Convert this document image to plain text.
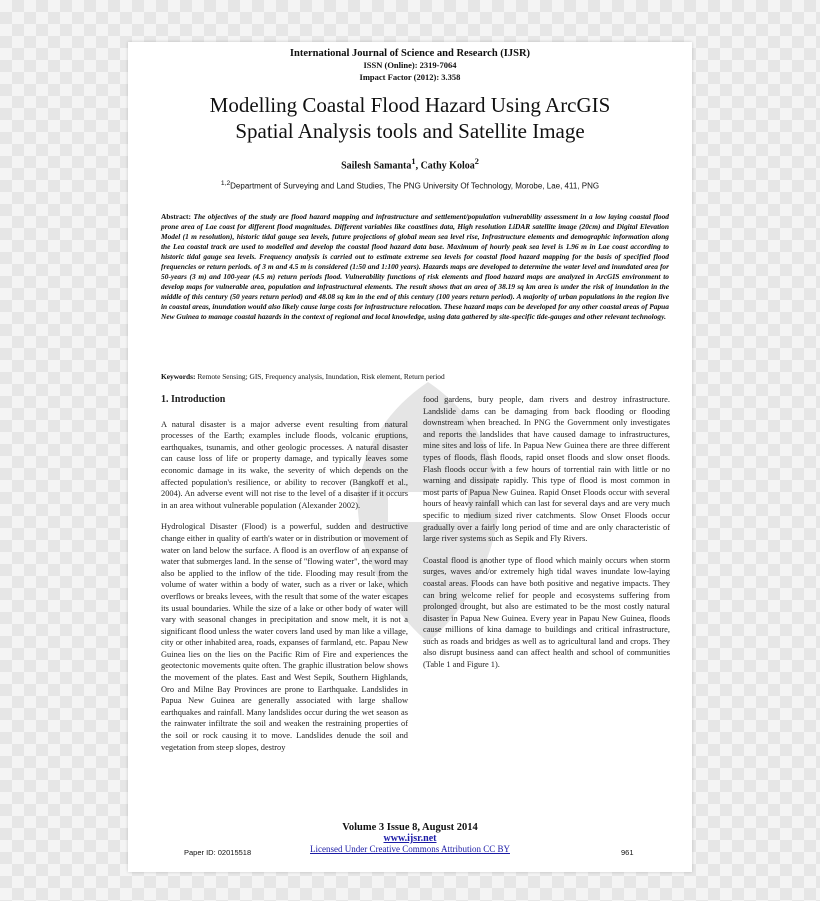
International Journal of Science and Research (IJSR)
ISSN (Online): 2319-7064
Impact Factor (2012): 3.358
Modelling Coastal Flood Hazard Using ArcGIS
Spatial Analysis tools and Satellite Image
Sailesh Samanta$^1$, Cathy Koloa$^2$
$^{1,2}$Department of Surveying and Land Studies, The PNG University Of Technology, Morobe, Lae, 411, PNG
Abstract: The objectives of the study are flood hazard mapping and infrastructure and settlement/population vulnerability assessment in a low laying coastal flood prone area of Lae coast for different flood magnitudes. Different variables like coastlines data, High resolution LiDAR satellite image (20cm) and Digital Elevation Model (1 m resolution), historic tidal gauge sea levels, future projections of global mean sea level rise, Infrastructure elements and demographic information along the Lea coastal track are used to modelled and develop the coastal flood hazard data base. Maximum of hourly peak sea level is 1.96 m in Lae coast according to historic tidal gauge sea levels. Frequency analysis is carried out to estimate extreme sea levels for coastal flood hazard mapping for the basis of specified flood frequencies or return periods. of 3 m and 4.5 m is considered (1:50 and 1:100 years). Hazards maps are developed to determine the water level and inundated area for 50-years (3 m) and 100-year (4.5 m) return periods flood. Vulnerability functions of risk elements and flood hazard maps are analyzed in ArcGIS environment to develop maps for vulnerable area, population and infrastructural elements. The result shows that an area of 38.19 sq km area is under the risk of inundation in the middle of this century (50 years return period) and 48.08 sq km in the end of this century (100 years return period). A majority of urban populations in the region live in coastal areas, inundation would also likely cause large costs for infrastructure relocation. These hazard maps can be developed for any other coastal areas of Papua New Guinea to manage coastal hazards in the context of regional and local knowledge, using data gathered by site-specific tide-gauges and other relevant technology.
Keywords: Remote Sensing; GIS, Frequency analysis, Inundation, Risk element, Return period
1. Introduction

A natural disaster is a major adverse event resulting from natural processes of the Earth; examples include floods, volcanic eruptions, earthquakes, tsunamis, and other geologic processes. A natural disaster can cause loss of life or property damage, and typically leaves some economic damage in its wake, the severity of which depends on the affected population's resilience, or ability to recover (Bangkoff et al., 2004). An adverse event will not rise to the level of a disaster if it occurs in an area without vulnerable population (Alexander 2002).

Hydrological Disaster (Flood) is a powerful, sudden and destructive change either in quality of earth's water or in distribution or movement of water on land below the surface. A flood is an overflow of an expanse of water that submerges land. In the sense of "flowing water", the word may also be applied to the inflow of the tide. Flooding may result from the volume of water within a body of water, such as a river or lake, which overflows or breaks levees, with the result that some of the water escapes its usual boundaries. While the size of a lake or other body of water will vary with seasonal changes in precipitation and snow melt, it is not a significant flood unless the water covers land used by man like a village, city or other inhabited area, roads, expanses of farmland, etc. Papau New Guinea lies on the lies on the Pacific Rim of Fire and experiences the geotectonic movements quite often. The graphic illustration below shows the movement of the plates. East and West Sepik, Southern Highlands, Oro and Milne Bay Provinces are prone to Earthquake. Landslides in Papua New Guinea are generally associated with large shallow earthquakes and rainfall. Many landslides occur during the wet season as the rainwater infiltrate the soil and weaken the restraining properties of the soil or rock causing it to move. Landslides denude the soil and vegetation from steep slopes, destroy

food gardens, bury people, dam rivers and destroy infrastructure. Landslide dams can be damaging from back flooding or flooding downstream when breached. In PNG the Government only investigates and reports the landslides that have caused damage to infrastructures, mine sites and loss of life. In Papua New Guinea there are three different types of floods, flash floods, rapid onset floods and slow onset floods. Flash floods occur with a few hours of torrential rain with little or no warning and dissipate rapidly. This type of flood is most common in most parts of Papua New Guinea. Rapid Onset Floods occur with several hours of heavy rainfall which can last for several days and are very much specific to medium sized river catchments. Slow Onset Floods occur gradually over a fairly long period of time and are only characteristic of large river systems such as Sepik and Fly Rivers.

Coastal flood is another type of flood which mainly occurs when storm surges, waves and/or extremely high tidal waves inundate low-laying coastal areas. Floods can have both positive and negative impacts. They can bring welcome relief for people and ecosystems suffering from prolonged drought, but also are estimated to be the most costly natural disaster in Papua New Guinea. Every year in Papau New Guinea, floods cause millions of kina damage to buildings and critical infrastructure, such as roads and bridges as well as to agricultural land and crops. They also disrupt business aand can affect health and school of communities (Table 1 and Figure 1).

Volume 3 Issue 8, August 2014
www.ijsr.net
Licensed Under Creative Commons Attribution CC BY
Paper ID: 02015518	961
